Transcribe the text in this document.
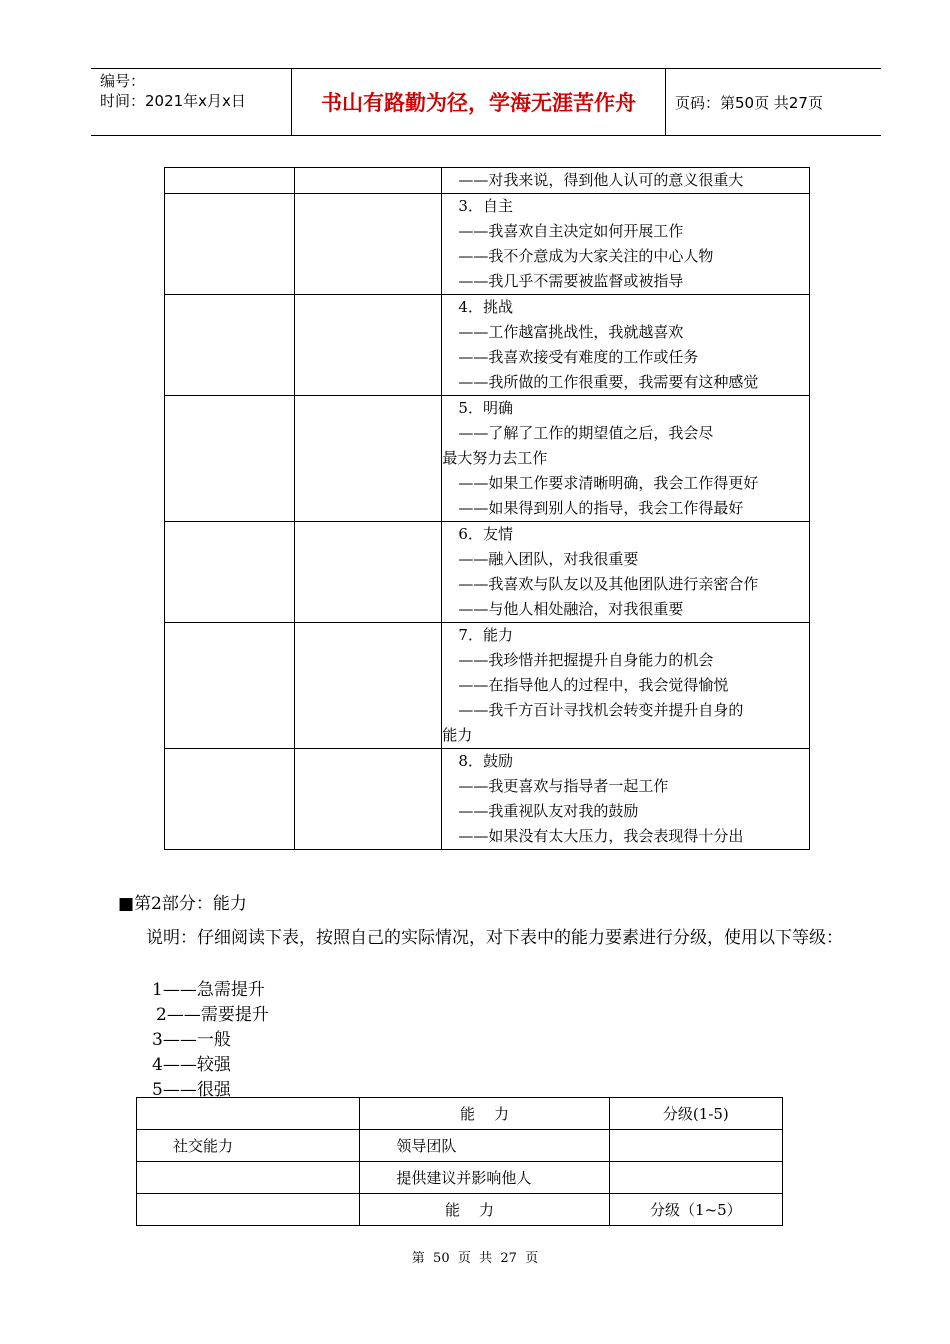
编号：
时间：2021年x月x日	书山有路勤为径，学海无涯苦作舟	页码：第50页 共27页

		——对我来说，得到他人认可的意义很重大

		3．自主
——我喜欢自主决定如何开展工作
——我不介意成为大家关注的中心人物
——我几乎不需要被监督或被指导

		4．挑战
——工作越富挑战性，我就越喜欢
——我喜欢接受有难度的工作或任务
——我所做的工作很重要，我需要有这种感觉

		5．明确
——了解了工作的期望值之后，我会尽
最大努力去工作
——如果工作要求清晰明确，我会工作得更好
——如果得到别人的指导，我会工作得最好

		6．友情
——融入团队，对我很重要
——我喜欢与队友以及其他团队进行亲密合作
——与他人相处融洽，对我很重要

		7．能力
——我珍惜并把握提升自身能力的机会
——在指导他人的过程中，我会觉得愉悦
——我千方百计寻找机会转变并提升自身的
能力

		8．鼓励
——我更喜欢与指导者一起工作
——我重视队友对我的鼓励
——如果没有太大压力，我会表现得十分出
■第2部分：能力
说明：仔细阅读下表，按照自己的实际情况，对下表中的能力要素进行分级，使用以下等级：
1——急需提升
2——需要提升
3——一般
4——较强
5——很强
	能    力	分级(1-5)
社交能力	领导团队	
	提供建议并影响他人	
	能    力	分级（1~5）
第  50  页  共  27  页
